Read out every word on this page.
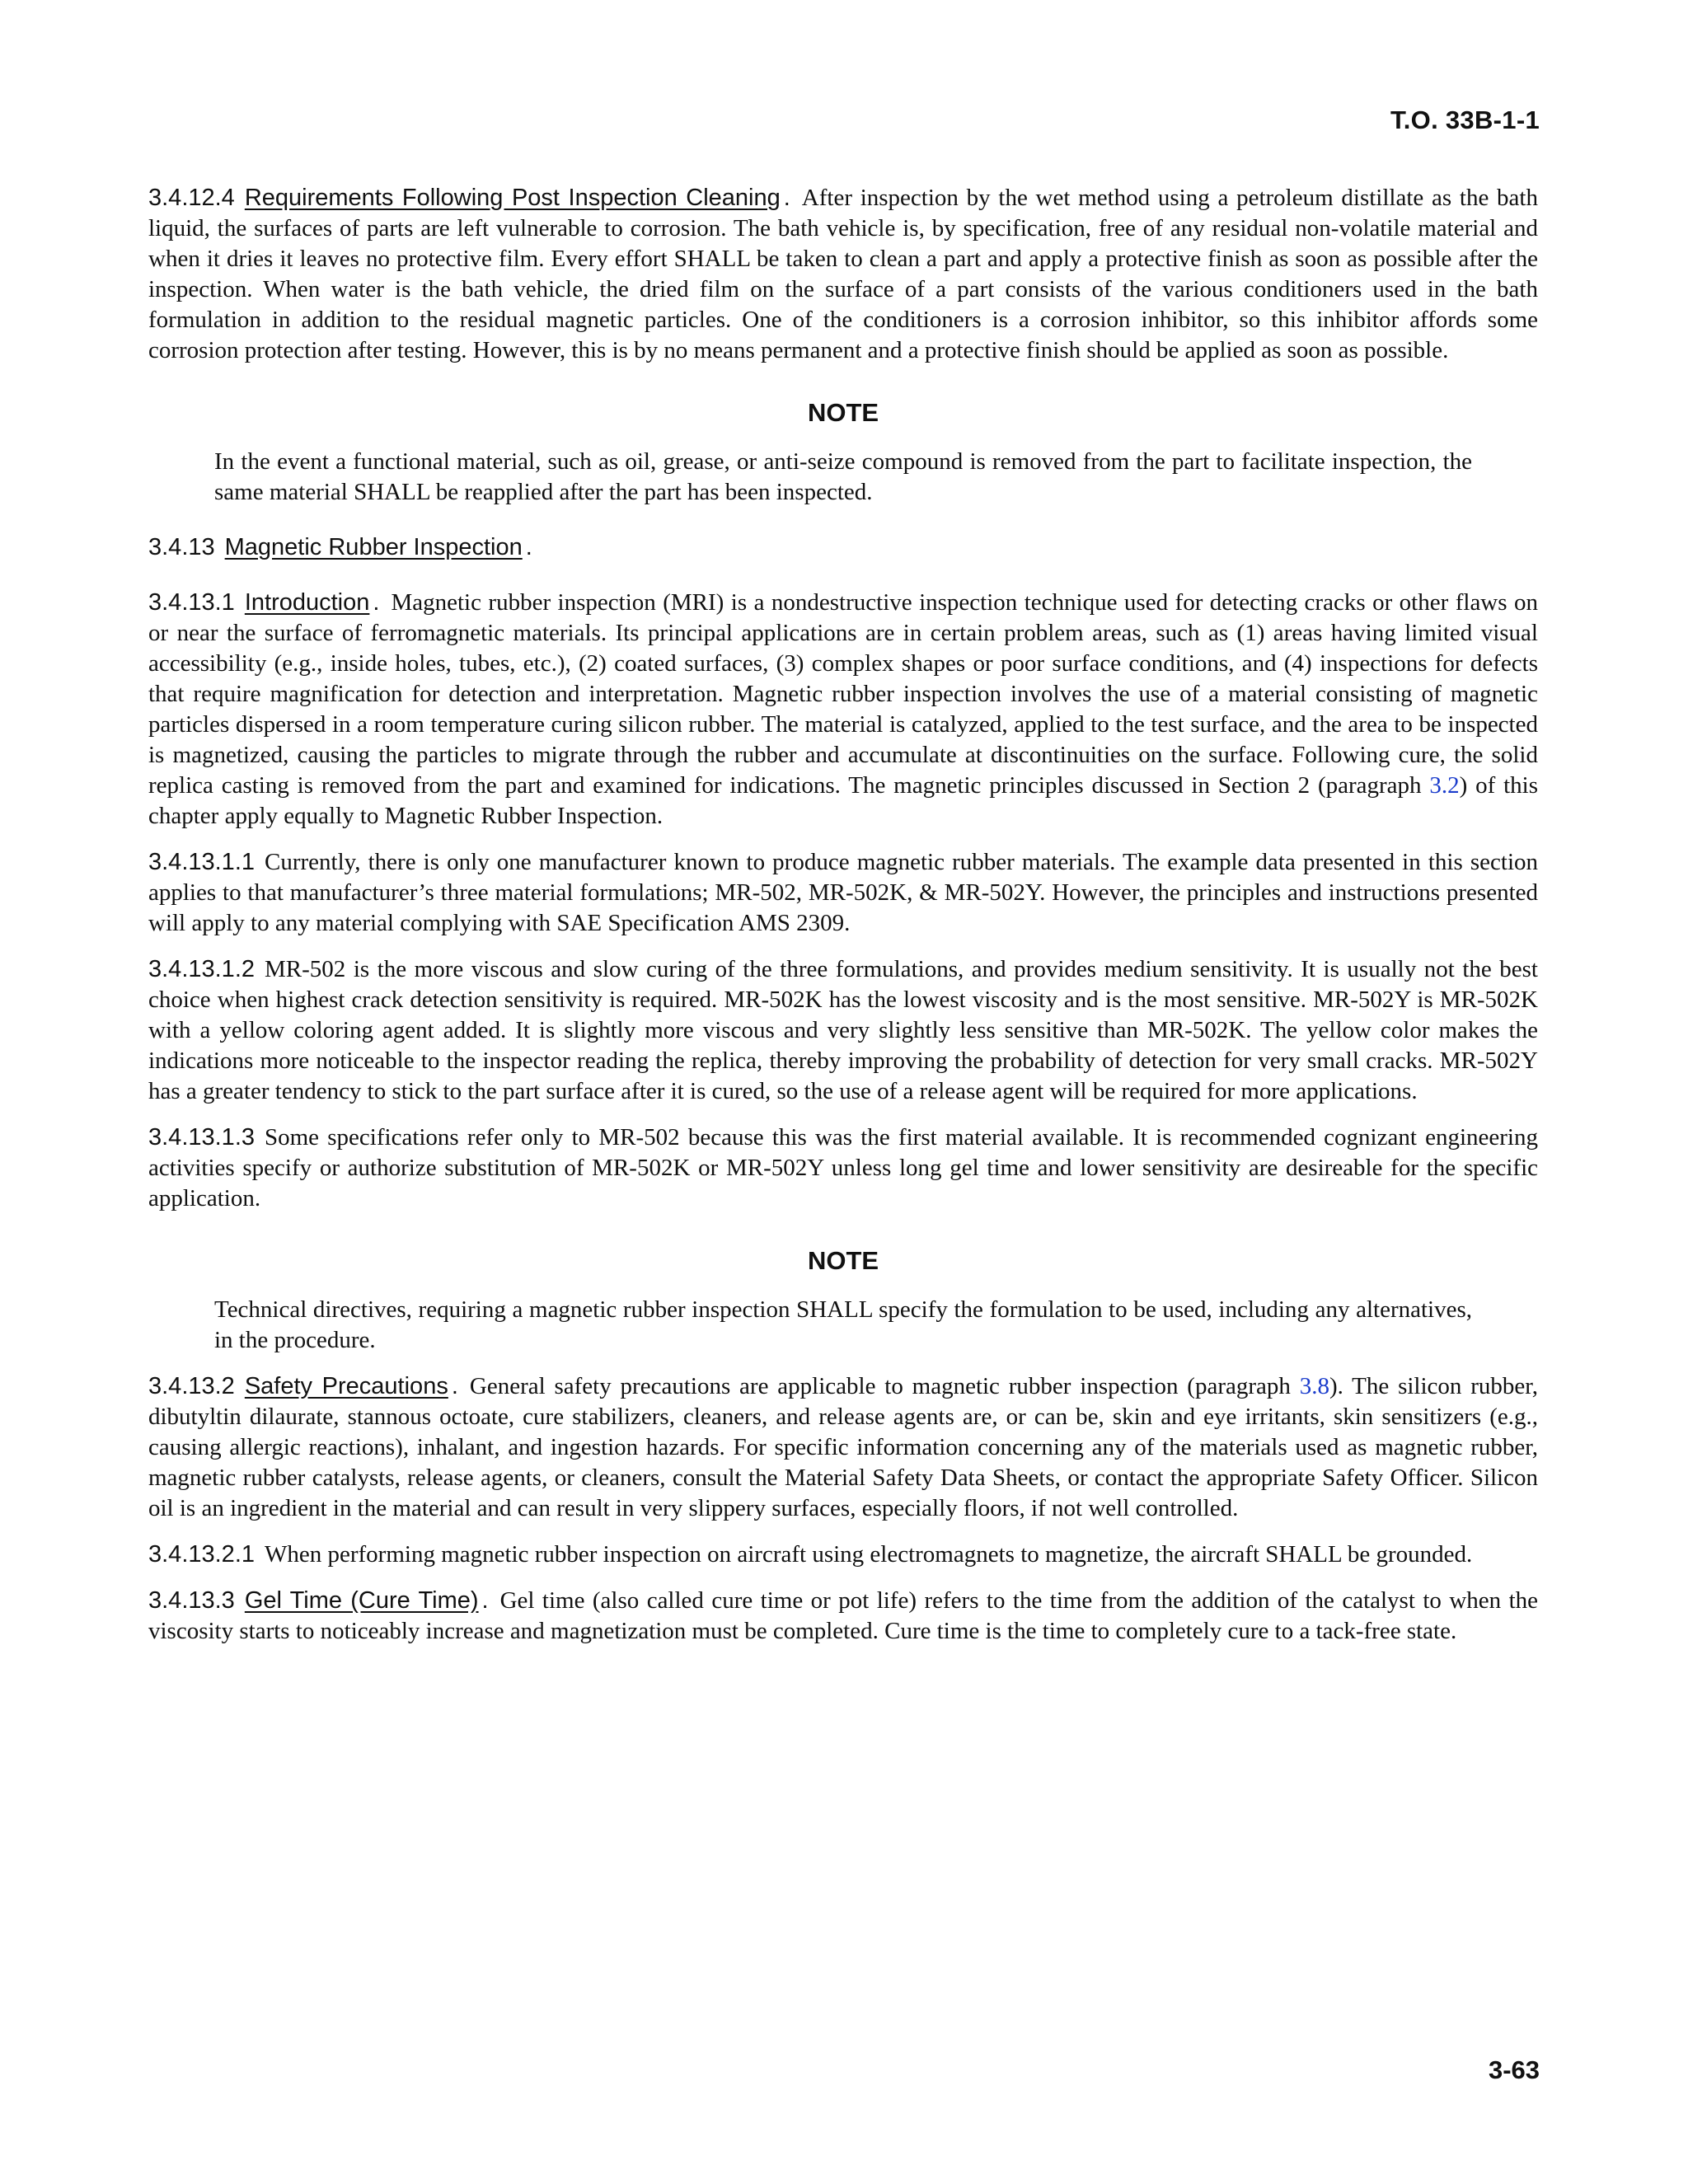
T.O. 33B-1-1

3.4.12.4 Requirements Following Post Inspection Cleaning . After inspection by the wet method using a petroleum distillate as the bath liquid, the surfaces of parts are left vulnerable to corrosion. The bath vehicle is, by specification, free of any residual non-volatile material and when it dries it leaves no protective film. Every effort SHALL be taken to clean a part and apply a protective finish as soon as possible after the inspection. When water is the bath vehicle, the dried film on the surface of a part consists of the various conditioners used in the bath formulation in addition to the residual magnetic particles. One of the conditioners is a corrosion inhibitor, so this inhibitor affords some corrosion protection after testing. However, this is by no means permanent and a protective finish should be applied as soon as possible.

NOTE

In the event a functional material, such as oil, grease, or anti-seize compound is removed from the part to facilitate inspection, the same material SHALL be reapplied after the part has been inspected.

3.4.13 Magnetic Rubber Inspection .

3.4.13.1 Introduction . Magnetic rubber inspection (MRI) is a nondestructive inspection technique used for detecting cracks or other flaws on or near the surface of ferromagnetic materials. Its principal applications are in certain problem areas, such as (1) areas having limited visual accessibility (e.g., inside holes, tubes, etc.), (2) coated surfaces, (3) complex shapes or poor surface conditions, and (4) inspections for defects that require magnification for detection and interpretation. Magnetic rubber inspection involves the use of a material consisting of magnetic particles dispersed in a room temperature curing silicon rubber. The material is catalyzed, applied to the test surface, and the area to be inspected is magnetized, causing the particles to migrate through the rubber and accumulate at discontinuities on the surface. Following cure, the solid replica casting is removed from the part and examined for indications. The magnetic principles discussed in Section 2 (paragraph 3.2) of this chapter apply equally to Magnetic Rubber Inspection.

3.4.13.1.1 Currently, there is only one manufacturer known to produce magnetic rubber materials. The example data presented in this section applies to that manufacturer’s three material formulations; MR-502, MR-502K, & MR-502Y. However, the principles and instructions presented will apply to any material complying with SAE Specification AMS 2309.

3.4.13.1.2 MR-502 is the more viscous and slow curing of the three formulations, and provides medium sensitivity. It is usually not the best choice when highest crack detection sensitivity is required. MR-502K has the lowest viscosity and is the most sensitive. MR-502Y is MR-502K with a yellow coloring agent added. It is slightly more viscous and very slightly less sensitive than MR-502K. The yellow color makes the indications more noticeable to the inspector reading the replica, thereby improving the probability of detection for very small cracks. MR-502Y has a greater tendency to stick to the part surface after it is cured, so the use of a release agent will be required for more applications.

3.4.13.1.3 Some specifications refer only to MR-502 because this was the first material available. It is recommended cognizant engineering activities specify or authorize substitution of MR-502K or MR-502Y unless long gel time and lower sensitivity are desireable for the specific application.

NOTE

Technical directives, requiring a magnetic rubber inspection SHALL specify the formulation to be used, including any alternatives, in the procedure.

3.4.13.2 Safety Precautions . General safety precautions are applicable to magnetic rubber inspection (paragraph 3.8). The silicon rubber, dibutyltin dilaurate, stannous octoate, cure stabilizers, cleaners, and release agents are, or can be, skin and eye irritants, skin sensitizers (e.g., causing allergic reactions), inhalant, and ingestion hazards. For specific information concerning any of the materials used as magnetic rubber, magnetic rubber catalysts, release agents, or cleaners, consult the Material Safety Data Sheets, or contact the appropriate Safety Officer. Silicon oil is an ingredient in the material and can result in very slippery surfaces, especially floors, if not well controlled.

3.4.13.2.1 When performing magnetic rubber inspection on aircraft using electromagnets to magnetize, the aircraft SHALL be grounded.

3.4.13.3 Gel Time (Cure Time) . Gel time (also called cure time or pot life) refers to the time from the addition of the catalyst to when the viscosity starts to noticeably increase and magnetization must be completed. Cure time is the time to completely cure to a tack-free state.

3-63
